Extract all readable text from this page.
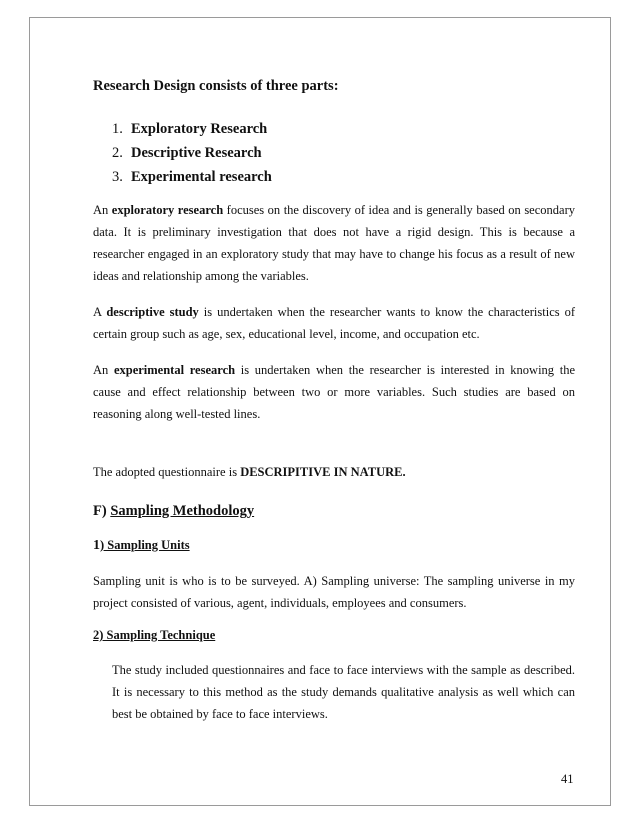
Research Design consists of three parts:
1. Exploratory Research
2. Descriptive Research
3. Experimental research

An exploratory research focuses on the discovery of idea and is generally based on secondary data. It is preliminary investigation that does not have a rigid design. This is because a researcher engaged in an exploratory study that may have to change his focus as a result of new ideas and relationship among the variables.

A descriptive study is undertaken when the researcher wants to know the characteristics of certain group such as age, sex, educational level, income, and occupation etc.

An experimental research is undertaken when the researcher is interested in knowing the cause and effect relationship between two or more variables. Such studies are based on reasoning along well-tested lines.

The adopted questionnaire is DESCRIPITIVE IN NATURE.

F) Sampling Methodology
1) Sampling Units

Sampling unit is who is to be surveyed. A) Sampling universe: The sampling universe in my project consisted of various, agent, individuals, employees and consumers.

2) Sampling Technique

The study included questionnaires and face to face interviews with the sample as described. It is necessary to this method as the study demands qualitative analysis as well which can best be obtained by face to face interviews.

41
